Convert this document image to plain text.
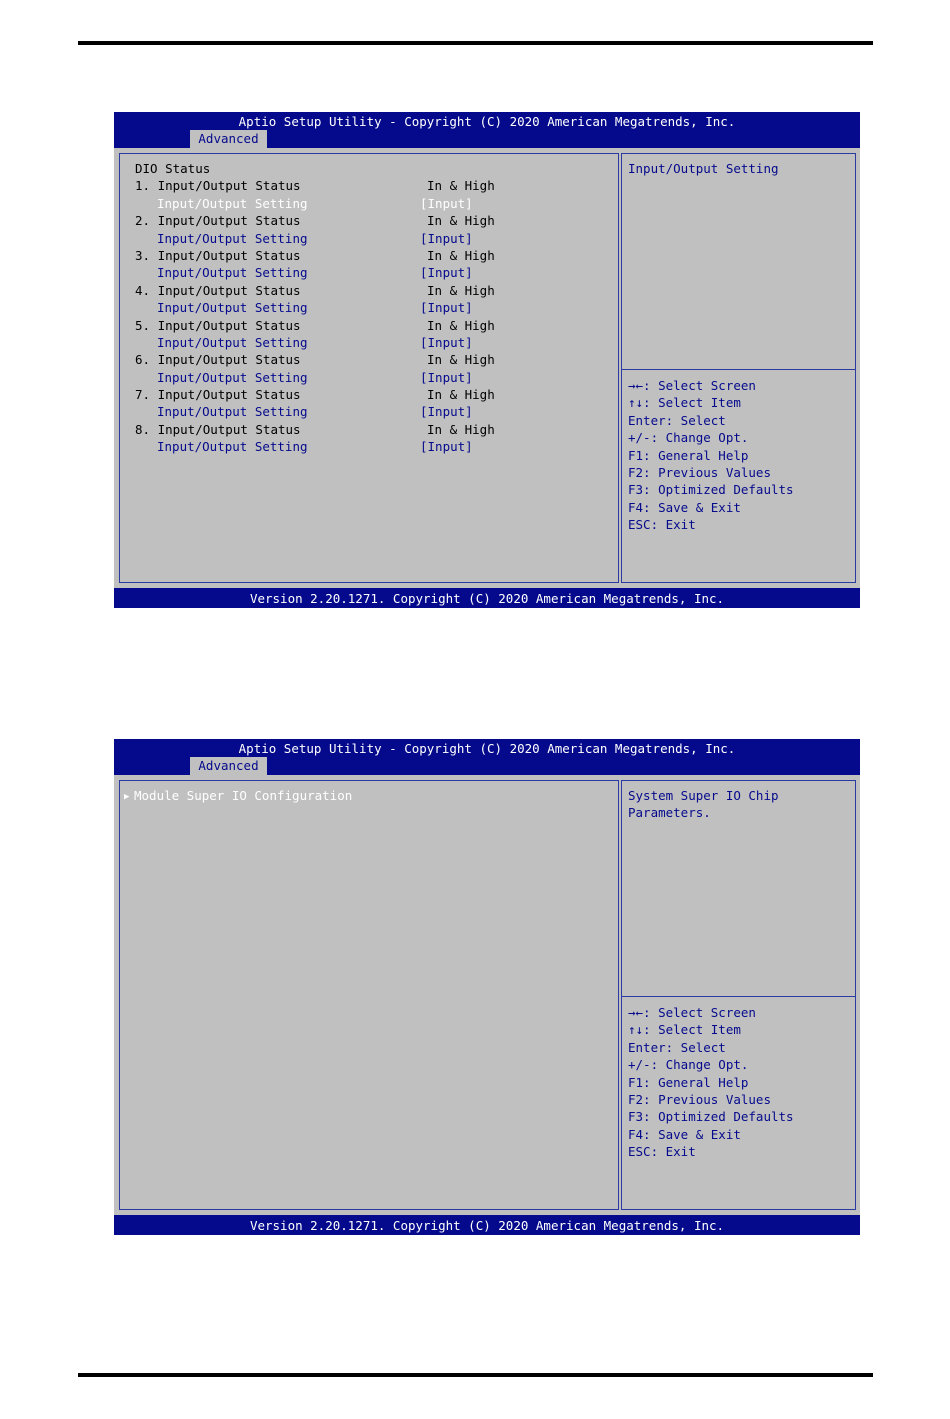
Aptio Setup Utility - Copyright (C) 2020 American Megatrends, Inc.
Advanced
DIO Status
1. Input/Output Status	In & High
Input/Output Setting	[Input]
2. Input/Output Status	In & High
Input/Output Setting	[Input]
3. Input/Output Status	In & High
Input/Output Setting	[Input]
4. Input/Output Status	In & High
Input/Output Setting	[Input]
5. Input/Output Status	In & High
Input/Output Setting	[Input]
6. Input/Output Status	In & High
Input/Output Setting	[Input]
7. Input/Output Status	In & High
Input/Output Setting	[Input]
8. Input/Output Status	In & High
Input/Output Setting	[Input]
Input/Output Setting
→←: Select Screen
↑↓: Select Item
Enter: Select
+/-: Change Opt.
F1: General Help
F2: Previous Values
F3: Optimized Defaults
F4: Save & Exit
ESC: Exit
Version 2.20.1271. Copyright (C) 2020 American Megatrends, Inc.
Aptio Setup Utility - Copyright (C) 2020 American Megatrends, Inc.
Advanced
▶ Module Super IO Configuration	System Super IO Chip
Parameters.
→←: Select Screen
↑↓: Select Item
Enter: Select
+/-: Change Opt.
F1: General Help
F2: Previous Values
F3: Optimized Defaults
F4: Save & Exit
ESC: Exit
Version 2.20.1271. Copyright (C) 2020 American Megatrends, Inc.
